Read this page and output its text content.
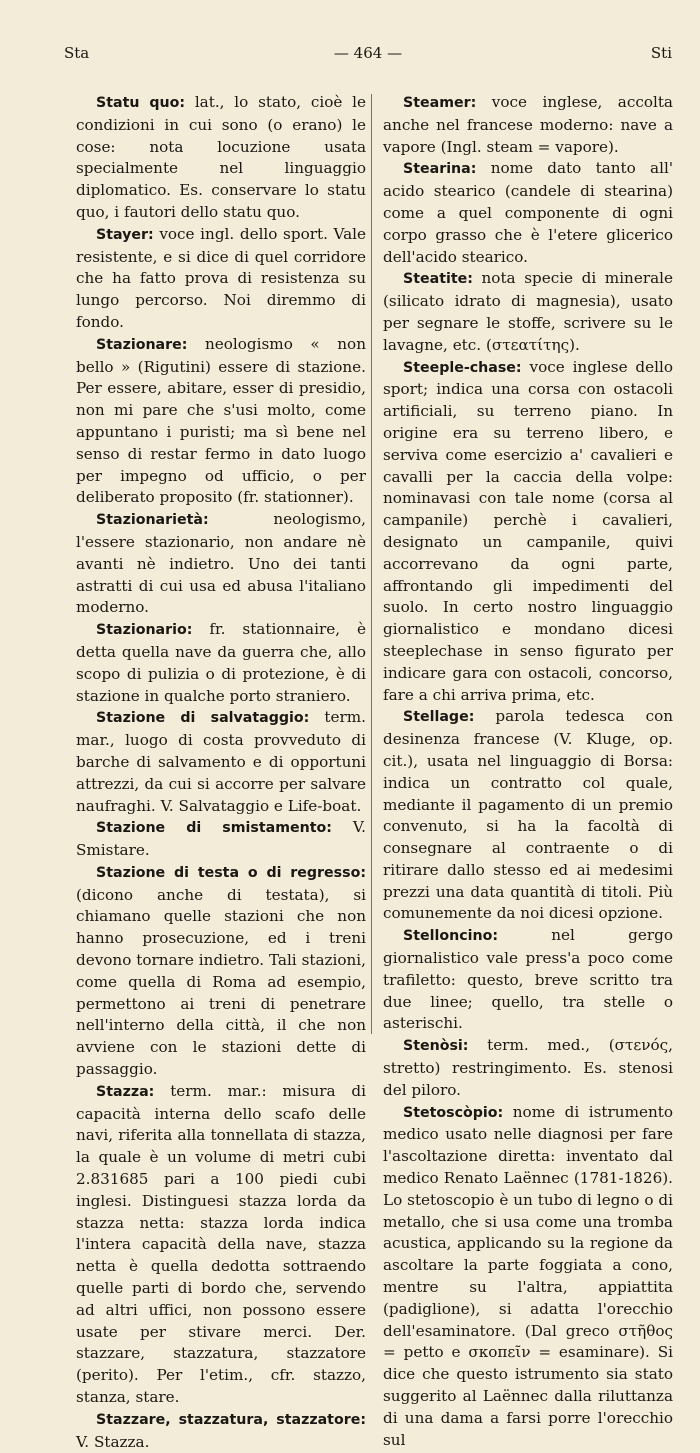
Sta	— 464 —	Sti

Statu quo: lat., lo stato, cioè le condizioni in cui sono (o erano) le cose: nota locuzione usata specialmente nel linguaggio diplomatico. Es. conservare lo statu quo, i fautori dello statu quo.

Stayer: voce ingl. dello sport. Vale resistente, e si dice di quel corridore che ha fatto prova di resistenza su lungo percorso. Noi diremmo di fondo.

Stazionare: neologismo « non bello » (Rigutini) essere di stazione. Per essere, abitare, esser di presidio, non mi pare che s'usi molto, come appuntano i puristi; ma sì bene nel senso di restar fermo in dato luogo per impegno od ufficio, o per deliberato proposito (fr. stationner).

Stazionarietà:	neologismo, l'essere stazionario, non andare nè avanti nè indietro. Uno dei tanti astratti di cui usa ed abusa l'italiano moderno.

Stazionario: fr. stationnaire, è detta quella nave da guerra che, allo scopo di pulizia o di protezione, è di stazione in qualche porto straniero.

Stazione di salvataggio: term. mar., luogo di costa provveduto di barche di salvamento e di opportuni attrezzi, da cui si accorre per salvare naufraghi. V. Salvataggio e Life-boat.

Stazione di smistamento: V. Smistare.

Stazione di testa o di regresso: (dicono anche di testata), si chiamano quelle stazioni che non hanno prosecuzione, ed i treni devono tornare indietro. Tali stazioni, come quella di Roma ad esempio, permettono ai treni di penetrare nell'interno della città, il che non avviene con le stazioni dette di passaggio.

Stazza: term. mar.: misura di capacità interna dello scafo delle navi, riferita alla tonnellata di stazza, la quale è un volume di metri cubi 2.831685 pari a 100 piedi cubi inglesi. Distinguesi stazza lorda da stazza netta: stazza lorda indica l'intera capacità della nave, stazza netta è quella dedotta sottraendo quelle parti di bordo che, servendo ad altri uffici, non possono essere usate per stivare merci. Der. stazzare, stazzatura, stazzatore (perito). Per l'etim., cfr. stazzo, stanza, stare.

Stazzare, stazzatura, stazzatore: V. Stazza.

Steamer: voce inglese, accolta anche nel francese moderno: nave a vapore (Ingl. steam = vapore).

Stearina: nome dato tanto all' acido stearico (candele di stearina) come a quel componente di ogni corpo grasso che è l'etere glicerico dell'acido stearico.

Steatite: nota specie di minerale (silicato idrato di magnesia), usato per segnare le stoffe, scrivere su le lavagne, etc. (στεατίτης).

Steeple-chase: voce inglese dello sport; indica una corsa con ostacoli artificiali, su terreno piano. In origine era su terreno libero, e serviva come esercizio a' cavalieri e cavalli per la caccia della volpe: nominavasi con tale nome (corsa al campanile) perchè i cavalieri, designato un campanile, quivi accorrevano da ogni parte, affrontando gli impedimenti del suolo. In certo nostro linguaggio giornalistico e mondano dicesi steeplechase in senso figurato per indicare gara con ostacoli, concorso, fare a chi arriva prima, etc.

Stellage: parola tedesca con desinenza francese (V. Kluge, op. cit.), usata nel linguaggio di Borsa: indica un contratto col quale, mediante il pagamento di un premio convenuto, si ha la facoltà di consegnare al contraente o di ritirare dallo stesso ed ai medesimi prezzi una data quantità di titoli. Più comunemente da noi dicesi opzione.

Stelloncino:	nel gergo giornalistico vale press'a poco come trafiletto: questo, breve scritto tra due linee; quello, tra stelle o asterischi.

Stenòsi: term. med., (στενός, stretto) restringimento. Es. stenosi del piloro.

Stetoscòpio: nome di istrumento medico usato nelle diagnosi per fare l'ascoltazione diretta: inventato dal medico Renato Laënnec (1781-1826). Lo stetoscopio è un tubo di legno o di metallo, che si usa come una tromba acustica, applicando su la regione da ascoltare la parte foggiata a cono, mentre su l'altra, appiattita (padiglione), si adatta l'orecchio dell'esaminatore. (Dal greco στῆθος = petto e σκοπεῖν = esaminare). Si dice che questo istrumento sia stato suggerito al Laënnec dalla riluttanza di una dama a farsi porre l'orecchio sul
